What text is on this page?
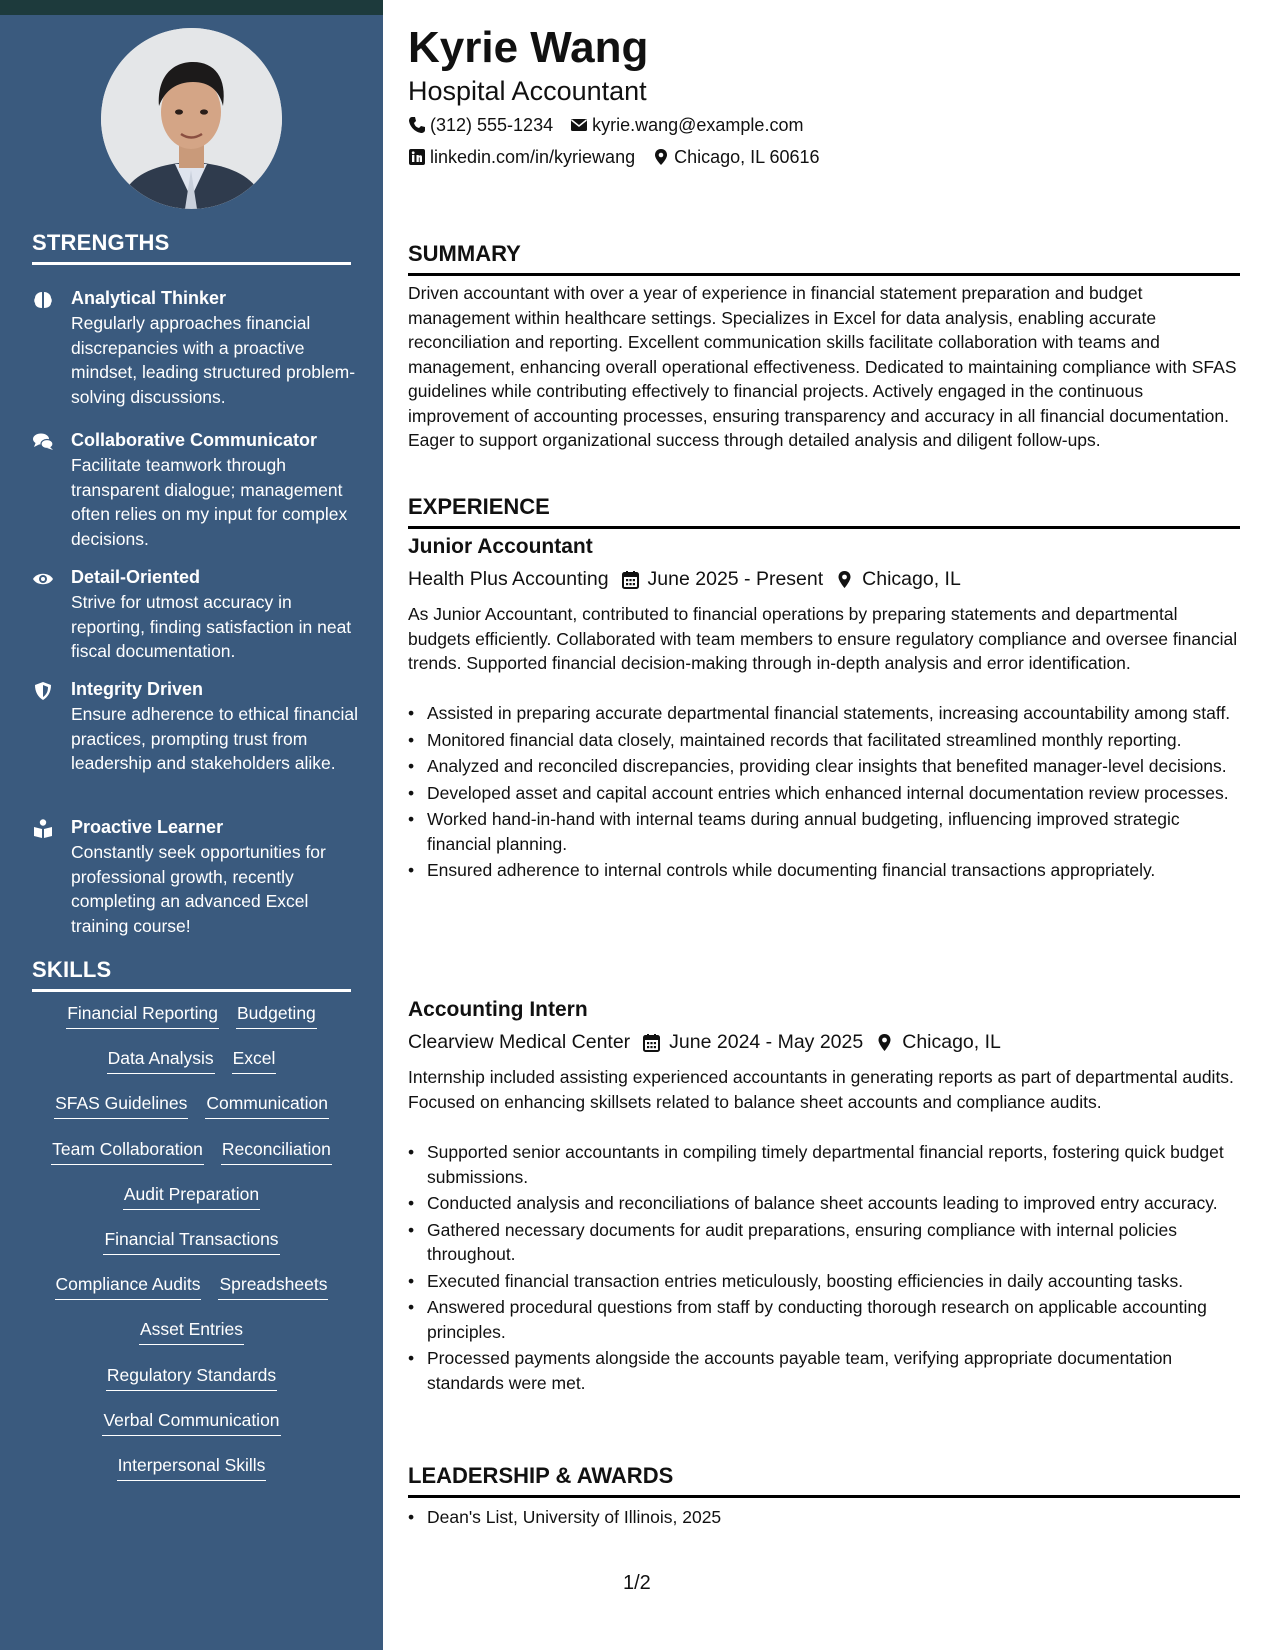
STRENGTHS
Analytical Thinker
Regularly approaches financial discrepancies with a proactive mindset, leading structured problem-solving discussions.
Collaborative Communicator
Facilitate teamwork through transparent dialogue; management often relies on my input for complex decisions.
Detail-Oriented
Strive for utmost accuracy in reporting, finding satisfaction in neat fiscal documentation.
Integrity Driven
Ensure adherence to ethical financial practices, prompting trust from leadership and stakeholders alike.
Proactive Learner
Constantly seek opportunities for professional growth, recently completing an advanced Excel training course!
SKILLS
Financial Reporting Budgeting
Data Analysis Excel
SFAS Guidelines Communication
Team Collaboration Reconciliation
Audit Preparation
Financial Transactions
Compliance Audits Spreadsheets
Asset Entries
Regulatory Standards
Verbal Communication
Interpersonal Skills
Kyrie Wang
Hospital Accountant
(312) 555-1234 kyrie.wang@example.com
linkedin.com/in/kyriewang Chicago, IL 60616
SUMMARY
Driven accountant with over a year of experience in financial statement preparation and budget management within healthcare settings. Specializes in Excel for data analysis, enabling accurate reconciliation and reporting. Excellent communication skills facilitate collaboration with teams and management, enhancing overall operational effectiveness. Dedicated to maintaining compliance with SFAS guidelines while contributing effectively to financial projects. Actively engaged in the continuous improvement of accounting processes, ensuring transparency and accuracy in all financial documentation. Eager to support organizational success through detailed analysis and diligent follow-ups.
EXPERIENCE
Junior Accountant
Health Plus Accounting June 2025 - Present Chicago, IL
As Junior Accountant, contributed to financial operations by preparing statements and departmental budgets efficiently. Collaborated with team members to ensure regulatory compliance and oversee financial trends. Supported financial decision-making through in-depth analysis and error identification.
• Assisted in preparing accurate departmental financial statements, increasing accountability among staff.
• Monitored financial data closely, maintained records that facilitated streamlined monthly reporting.
• Analyzed and reconciled discrepancies, providing clear insights that benefited manager-level decisions.
• Developed asset and capital account entries which enhanced internal documentation review processes.
• Worked hand-in-hand with internal teams during annual budgeting, influencing improved strategic financial planning.
• Ensured adherence to internal controls while documenting financial transactions appropriately.
Accounting Intern
Clearview Medical Center June 2024 - May 2025 Chicago, IL
Internship included assisting experienced accountants in generating reports as part of departmental audits. Focused on enhancing skillsets related to balance sheet accounts and compliance audits.
• Supported senior accountants in compiling timely departmental financial reports, fostering quick budget submissions.
• Conducted analysis and reconciliations of balance sheet accounts leading to improved entry accuracy.
• Gathered necessary documents for audit preparations, ensuring compliance with internal policies throughout.
• Executed financial transaction entries meticulously, boosting efficiencies in daily accounting tasks.
• Answered procedural questions from staff by conducting thorough research on applicable accounting principles.
• Processed payments alongside the accounts payable team, verifying appropriate documentation standards were met.
LEADERSHIP & AWARDS
• Dean's List, University of Illinois, 2025
1/2
